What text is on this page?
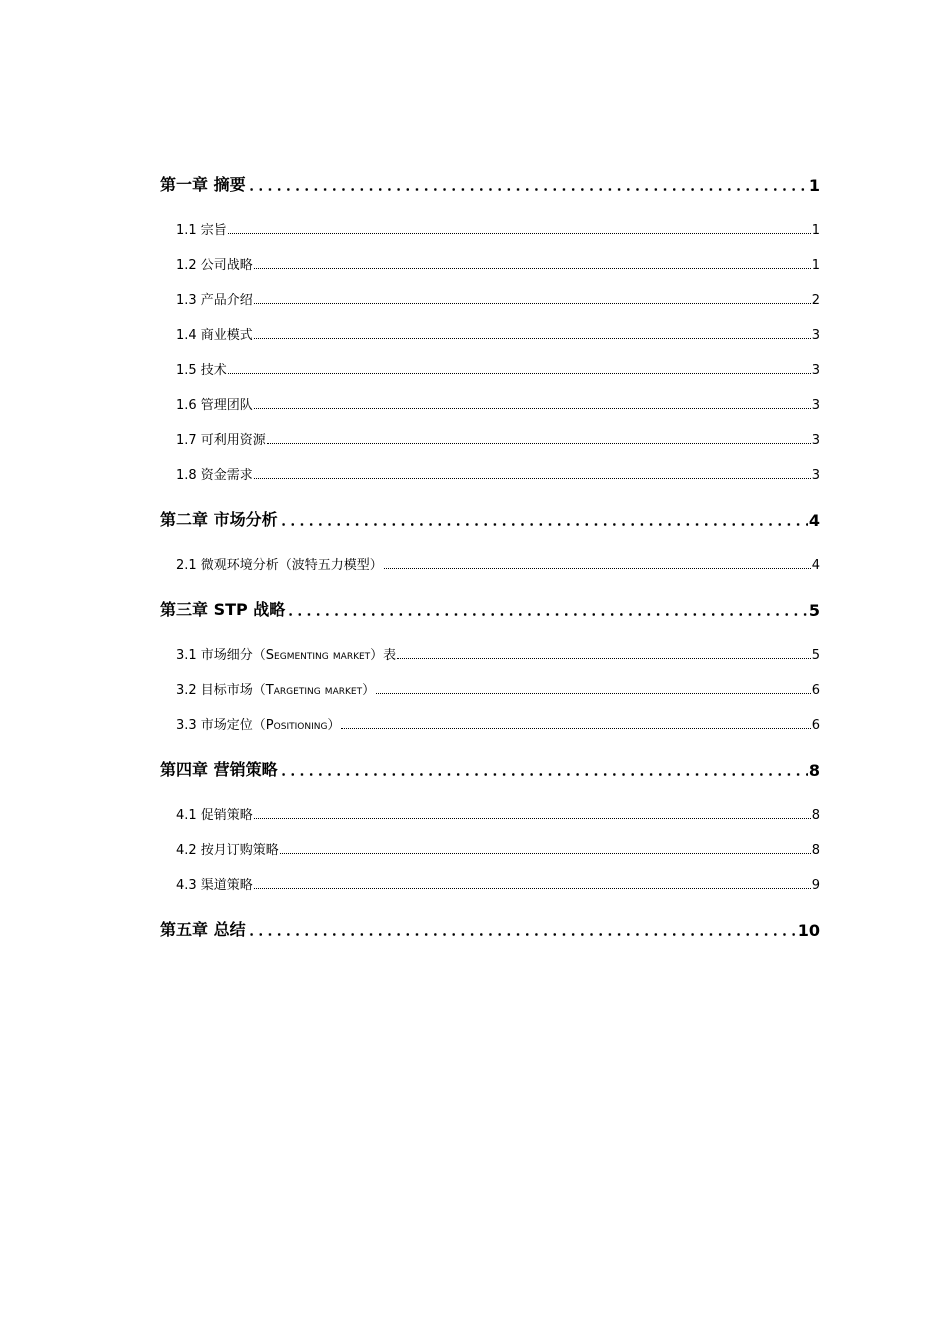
第一章 摘要	1
1.1 宗旨	1
1.2 公司战略	1
1.3 产品介绍	2
1.4 商业模式	3
1.5 技术	3
1.6 管理团队	3
1.7 可利用资源	3
1.8 资金需求	3
第二章 市场分析	4
2.1 微观环境分析（波特五力模型）	4
第三章 STP 战略	5
3.1 市场细分（Segmenting market）表	5
3.2 目标市场（Targeting market）	6
3.3 市场定位（Positioning）	6
第四章 营销策略	8
4.1 促销策略	8
4.2 按月订购策略	8
4.3 渠道策略	9
第五章 总结	10
